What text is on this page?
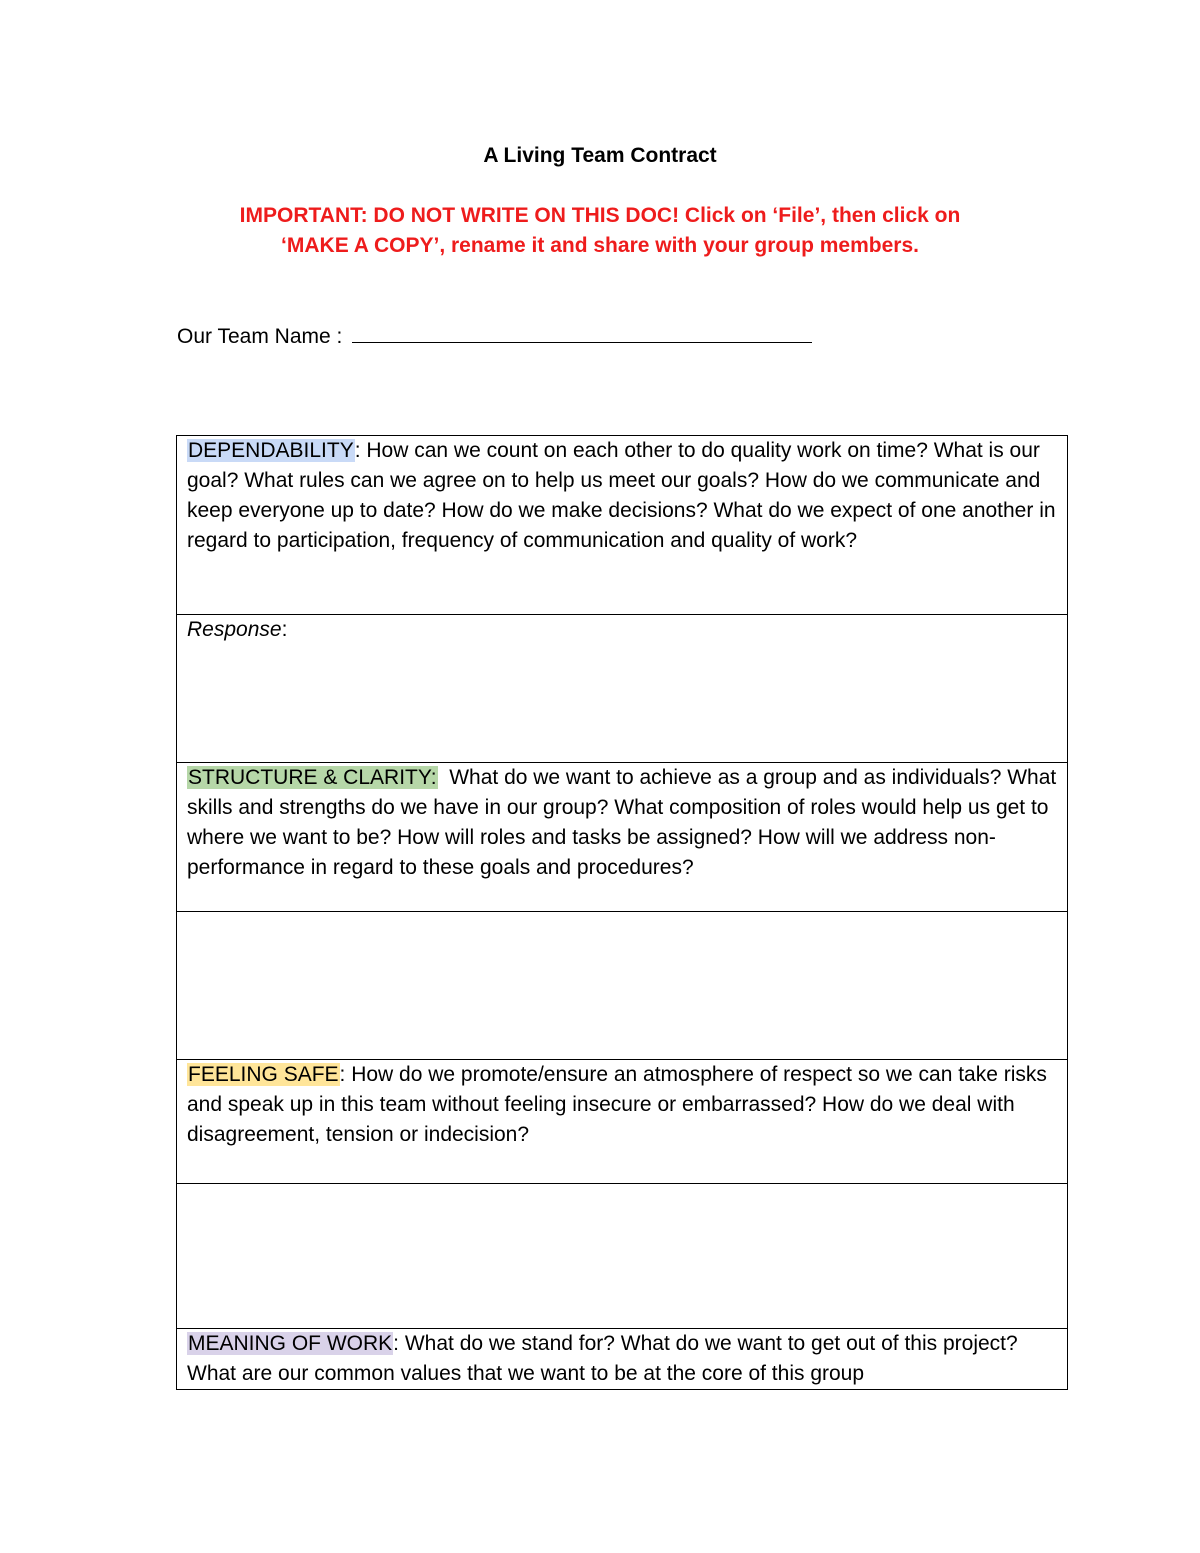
A Living Team Contract
IMPORTANT: DO NOT WRITE ON THIS DOC! Click on ‘File’, then click on
‘MAKE A COPY’, rename it and share with your group members.
Our Team Name :
DEPENDABILITY: How can we count on each other to do quality work on time? What is our goal? What rules can we agree on to help us meet our goals? How do we communicate and keep everyone up to date? How do we make decisions? What do we expect of one another in regard to participation, frequency of communication and quality of work?
Response:
STRUCTURE & CLARITY:  What do we want to achieve as a group and as individuals? What skills and strengths do we have in our group? What composition of roles would help us get to where we want to be? How will roles and tasks be assigned? How will we address non-performance in regard to these goals and procedures?

FEELING SAFE: How do we promote/ensure an atmosphere of respect so we can take risks and speak up in this team without feeling insecure or embarrassed? How do we deal with disagreement, tension or indecision?

MEANING OF WORK: What do we stand for? What do we want to get out of this project? What are our common values that we want to be at the core of this group
